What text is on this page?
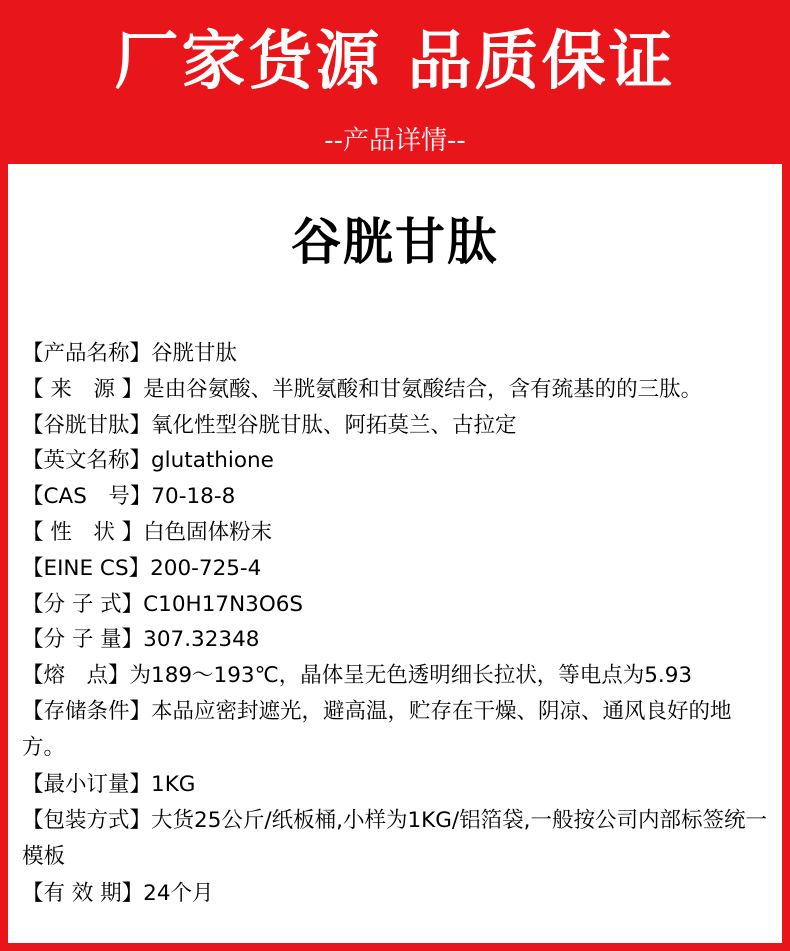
厂家货源 品质保证
--产品详情--
谷胱甘肽
【产品名称】谷胱甘肽
【 来　源 】是由谷氨酸、半胱氨酸和甘氨酸结合，含有巯基的的三肽。
【谷胱甘肽】氧化性型谷胱甘肽、阿拓莫兰、古拉定
【英文名称】glutathione
【CAS　号】70-18-8
【 性　状 】白色固体粉末
【EINE CS】200-725-4
【分 子 式】C10H17N3O6S
【分 子 量】307.32348
【熔　点】为189～193℃，晶体呈无色透明细长拉状，等电点为5.93
【存储条件】本品应密封遮光，避高温，贮存在干燥、阴凉、通风良好的地方。
【最小订量】1KG
【包装方式】大货25公斤/纸板桶,小样为1KG/铝箔袋,一般按公司内部标签统一模板
【有 效 期】24个月
